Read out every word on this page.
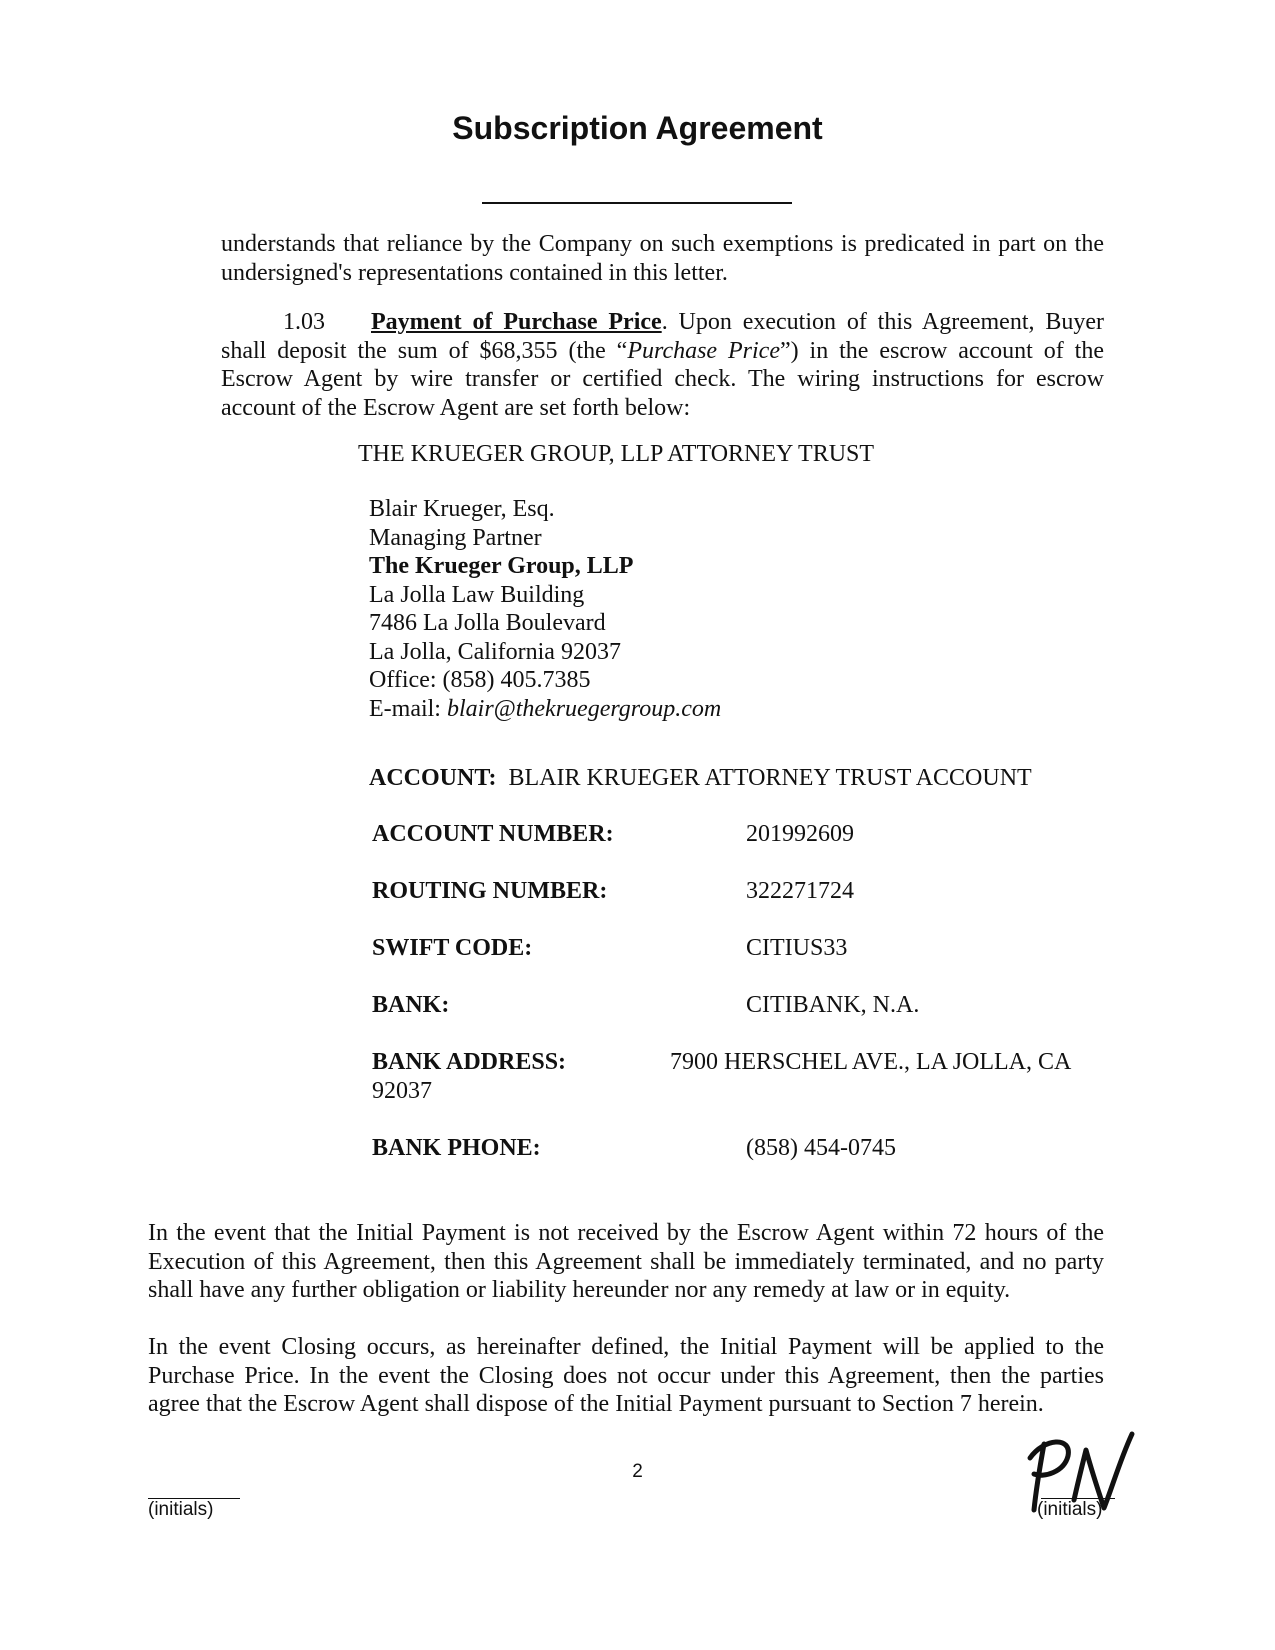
Subscription Agreement
understands that reliance by the Company on such exemptions is predicated in part on the undersigned's representations contained in this letter.
1.03 Payment of Purchase Price. Upon execution of this Agreement, Buyer shall deposit the sum of $68,355 (the “Purchase Price”) in the escrow account of the Escrow Agent by wire transfer or certified check. The wiring instructions for escrow account of the Escrow Agent are set forth below:
THE KRUEGER GROUP, LLP ATTORNEY TRUST
Blair Krueger, Esq.
Managing Partner
The Krueger Group, LLP
La Jolla Law Building
7486 La Jolla Boulevard
La Jolla, California 92037
Office: (858) 405.7385
E-mail: blair@thekruegergroup.com
ACCOUNT: BLAIR KRUEGER ATTORNEY TRUST ACCOUNT
ACCOUNT NUMBER:	201992609
ROUTING NUMBER:	322271724
SWIFT CODE:	CITIUS33
BANK:	CITIBANK, N.A.
BANK ADDRESS:	7900 HERSCHEL AVE., LA JOLLA, CA
92037
BANK PHONE:	(858) 454-0745
In the event that the Initial Payment is not received by the Escrow Agent within 72 hours of the Execution of this Agreement, then this Agreement shall be immediately terminated, and no party shall have any further obligation or liability hereunder nor any remedy at law or in equity.
In the event Closing occurs, as hereinafter defined, the Initial Payment will be applied to the Purchase Price. In the event the Closing does not occur under this Agreement, then the parties agree that the Escrow Agent shall dispose of the Initial Payment pursuant to Section 7 herein.
2
(initials)	(initials)
